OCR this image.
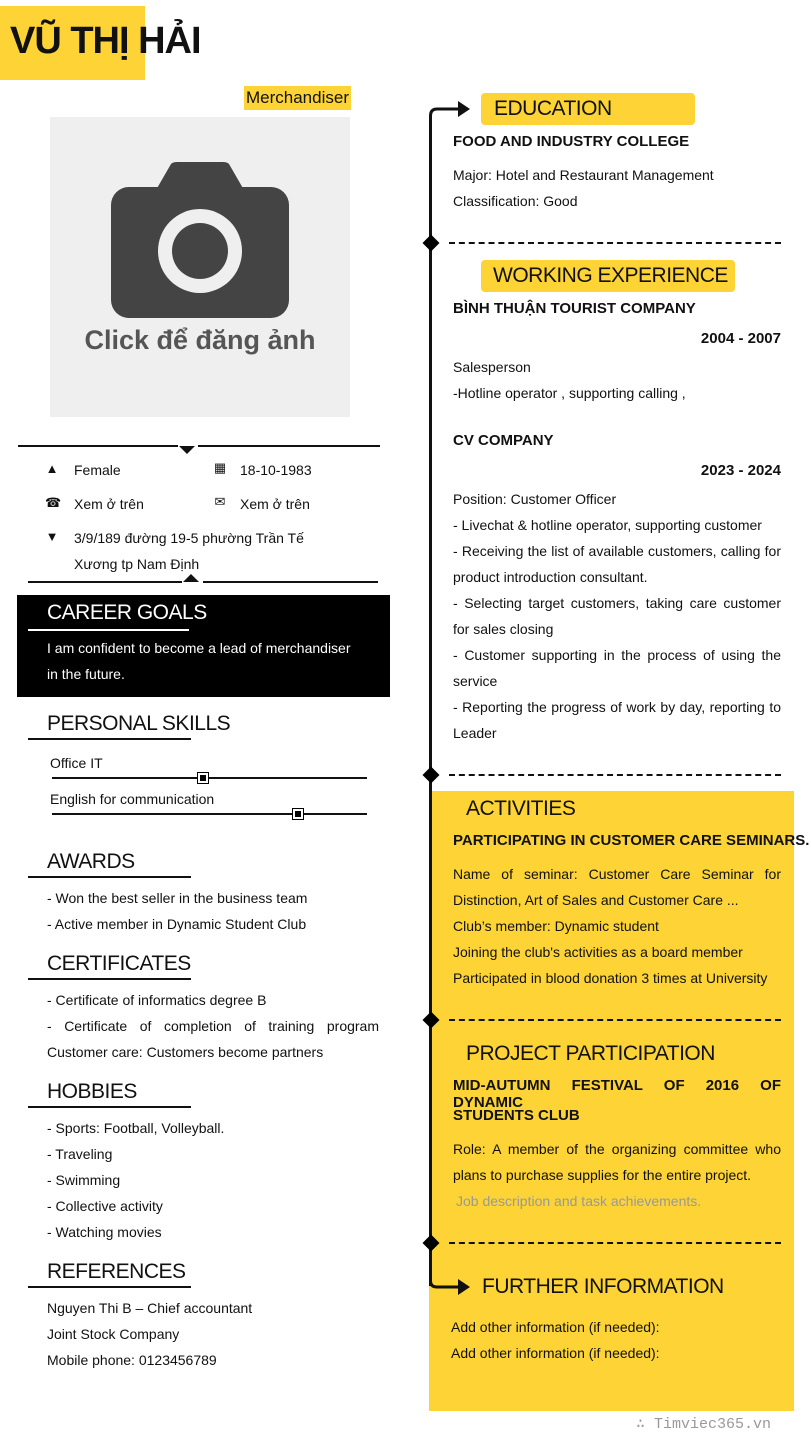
VŨ THỊ HẢI
Merchandiser
Click để đăng ảnh
▲ Female	▦ 18-10-1983
☎ Xem ở trên	✉ Xem ở trên
▼ 3/9/189 đường 19-5 phường Trần Tế
Xương tp Nam Định
CAREER GOALS

I am confident to become a lead of merchandiser
in the future.

PERSONAL SKILLS
Office IT
English for communication
AWARDS
- Won the best seller in the business team
- Active member in Dynamic Student Club
CERTIFICATES
- Certificate of informatics degree B
- Certificate of completion of training program
Customer care: Customers become partners
HOBBIES
- Sports: Football, Volleyball.
- Traveling
- Swimming
- Collective activity
- Watching movies
REFERENCES
Nguyen Thi B – Chief accountant
Joint Stock Company
Mobile phone: 0123456789
EDUCATION
FOOD AND INDUSTRY COLLEGE
Major: Hotel and Restaurant Management
Classification: Good
WORKING EXPERIENCE
BÌNH THUẬN TOURIST COMPANY
2004 - 2007
Salesperson
-Hotline operator , supporting calling ,
CV COMPANY
2023 - 2024
Position: Customer Officer
- Livechat & hotline operator, supporting customer
- Receiving the list of available customers, calling for
product introduction consultant.
- Selecting target customers, taking care customer
for sales closing
- Customer supporting in the process of using the
service
- Reporting the progress of work by day, reporting to
Leader
ACTIVITIES
PARTICIPATING IN CUSTOMER CARE SEMINARS.
Name of seminar: Customer Care Seminar for
Distinction, Art of Sales and Customer Care ...
Club’s member: Dynamic student
Joining the club's activities as a board member
Participated in blood donation 3 times at University
PROJECT PARTICIPATION
MID-AUTUMN FESTIVAL OF 2016 OF DYNAMIC
STUDENTS CLUB
Role: A member of the organizing committee who
plans to purchase supplies for the entire project.
Job description and task achievements.
FURTHER INFORMATION
Add other information (if needed):
Add other information (if needed):
∴ Timviec365.vn
